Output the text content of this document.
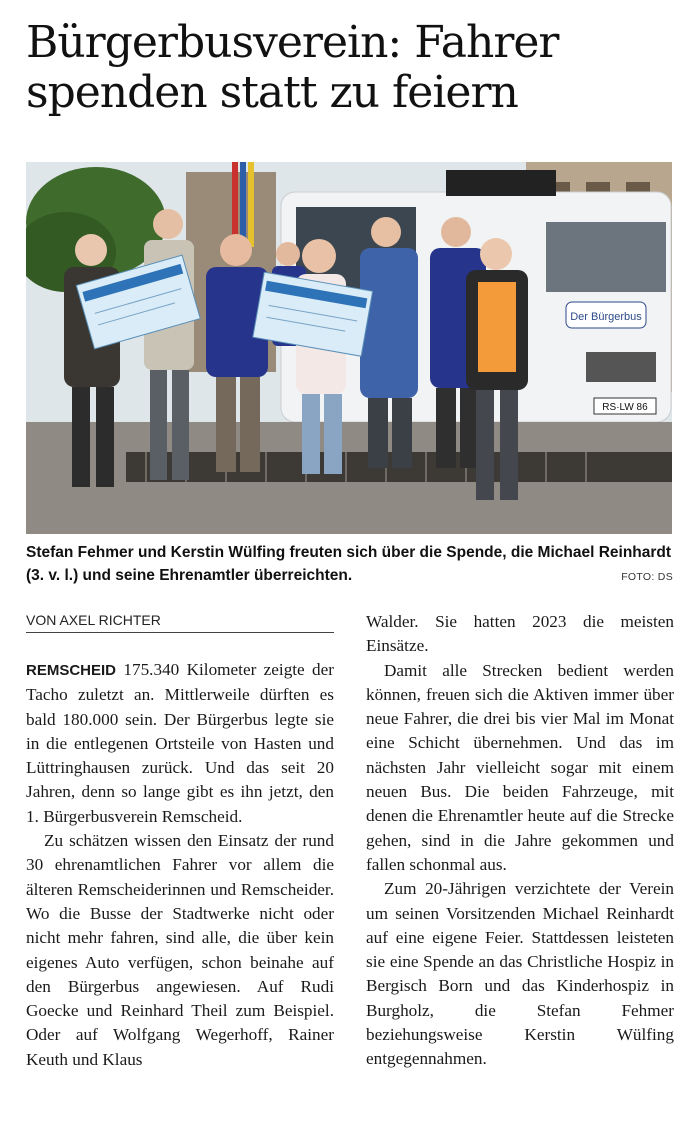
Bürgerbusverein: Fahrer
spenden statt zu feiern
Der Bürgerbus
RS·LW 86
Stefan Fehmer und Kerstin Wülfing freuten sich über die Spende, die Michael Reinhardt (3. v. l.) und seine Ehrenamtler überreichten.	FOTO: DS
VON AXEL RICHTER

REMSCHEID 175.340 Kilometer zeigte der Tacho zuletzt an. Mittlerweile dürften es bald 180.000 sein. Der Bürgerbus legte sie in die entlegenen Ortsteile von Hasten und Lüttringhausen zurück. Und das seit 20 Jahren, denn so lange gibt es ihn jetzt, den 1. Bürgerbusverein Remscheid.

Zu schätzen wissen den Einsatz der rund 30 ehrenamtlichen Fahrer vor allem die älteren Remscheiderinnen und Remscheider. Wo die Busse der Stadtwerke nicht oder nicht mehr fahren, sind alle, die über kein eigenes Auto verfügen, schon beinahe auf den Bürgerbus angewiesen. Auf Rudi Goecke und Reinhard Theil zum Beispiel. Oder auf Wolfgang Wegerhoff, Rainer Keuth und Klaus

Walder. Sie hatten 2023 die meisten Einsätze.

Damit alle Strecken bedient werden können, freuen sich die Aktiven immer über neue Fahrer, die drei bis vier Mal im Monat eine Schicht übernehmen. Und das im nächsten Jahr vielleicht sogar mit einem neuen Bus. Die beiden Fahrzeuge, mit denen die Ehrenamtler heute auf die Strecke gehen, sind in die Jahre gekommen und fallen schonmal aus.

Zum 20-Jährigen verzichtete der Verein um seinen Vorsitzenden Michael Reinhardt auf eine eigene Feier. Stattdessen leisteten sie eine Spende an das Christliche Hospiz in Bergisch Born und das Kinderhospiz in Burgholz, die Stefan Fehmer beziehungsweise Kerstin Wülfing entgegennahmen.
